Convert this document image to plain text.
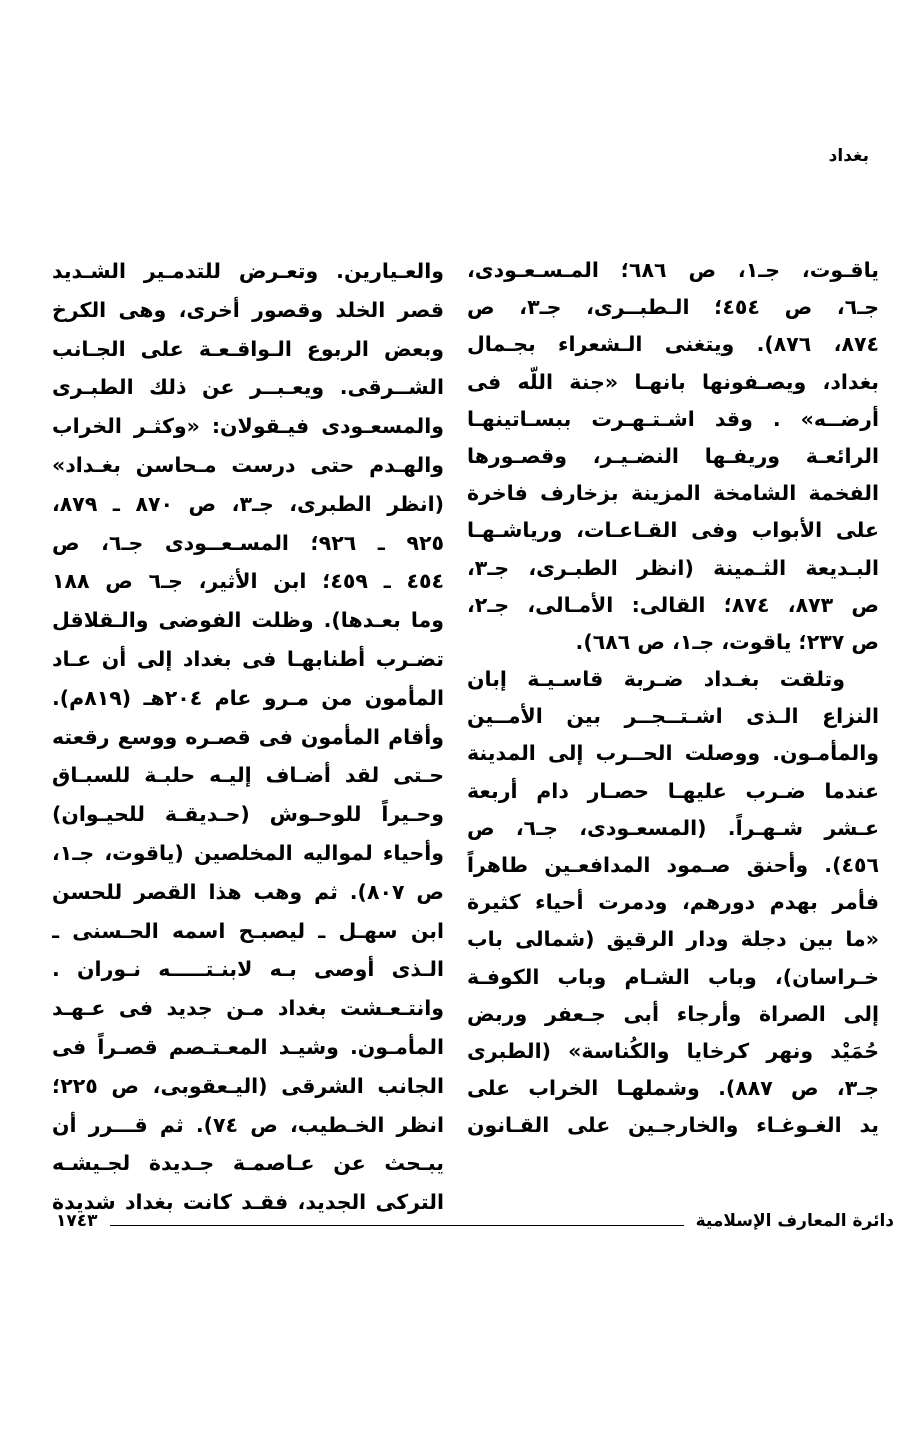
بغداد
ياقـوت، جـ١، ص ٦٨٦؛ المـسـعـودى،
جـ٦، ص ٤٥٤؛ الـطبــرى، جـ٣، ص
٨٧٤، ٨٧٦). ويتغنى الـشعراء بجـمال
بغداد، ويصـفونها بانهـا «جنة اللّه فى
أرضــه» . وقد اشـتـهـرت ببسـاتينهـا
الرائعـة وريفـها النضـيـر، وقصـورها
الفخمة الشامخة المزينة بزخارف فاخرة
على الأبواب وفى القـاعـات، ورياشـهـا
البـديعة الثـمينة (انظر الطبـرى، جـ٣،
ص ٨٧٣، ٨٧٤؛ القالى: الأمـالى، جـ٢،
ص ٢٣٧؛ ياقوت، جـ١، ص ٦٨٦).
وتلقت بغـداد ضـربة قاسـيـة إبان
النزاع الـذى اشـتــجــر بين الأمــين
والمأمـون. ووصلت الحــرب إلى المدينة
عندما ضـرب عليهـا حصـار دام أربعة
عـشر شـهـراً. (المسعـودى، جـ٦، ص
٤٥٦). وأحنق صـمود المدافعـين طاهراً
فأمر بهدم دورهم، ودمرت أحياء كثيرة
«ما بين دجلة ودار الرقيق (شمالى باب
خـراسان)، وباب الشـام وباب الكوفـة
إلى الصراة وأرجاء أبى جـعفر وربض
حُمَيْد ونهر كرخايا والكُناسة» (الطبرى
جـ٣، ص ٨٨٧). وشملهـا الخراب على
يد الغـوغـاء والخارجـين على القـانون
والعـيارين. وتعـرض للتدمـير الشـديد
قصر الخلد وقصور أخرى، وهى الكرخ
وبعض الربوع الـواقـعـة على الجـانب
الشــرقى. ويعـبــر عن ذلك الطبـرى
والمسعـودى فيـقولان: «وكثـر الخراب
والهـدم حتى درست مـحاسن بغـداد»
(انظر الطبرى، جـ٣، ص ٨٧٠ ـ ٨٧٩،
٩٢٥ ـ ٩٢٦؛ المسـعــودى جـ٦، ص
٤٥٤ ـ ٤٥٩؛ ابن الأثير، جـ٦ ص ١٨٨
وما بعـدها). وظلت الفوضى والـقلاقل
تضـرب أطنابهـا فى بغداد إلى أن عـاد
المأمون من مـرو عام ٢٠٤هـ (٨١٩م).
وأقام المأمون فى قصـره ووسع رقعته
حـتى لقد أضـاف إليـه حلبـة للسبـاق
وحـيراً للوحـوش (حـديقـة للحيـوان)
وأحياء لمواليه المخلصين (ياقوت، جـ١،
ص ٨٠٧). ثم وهب هذا القصر للحسن
ابن سهـل ـ ليصبـح اسمه الحـسنى ـ
الـذى أوصى بـه لابنـتـــــه نـوران .
وانتـعـشت بغداد مـن جديد فى عـهـد
المأمـون. وشيـد المعـتـصم قصـراً فى
الجانب الشرقى (اليـعقوبى، ص ٢٢٥؛
انظر الخـطيب، ص ٧٤). ثم قـــرر أن
يبـحث عن عـاصمـة جـديدة لجـيشـه
التركى الجديد، فقـد كانت بغداد شديدة
دائرة المعارف الإسلامية
١٧٤٣
